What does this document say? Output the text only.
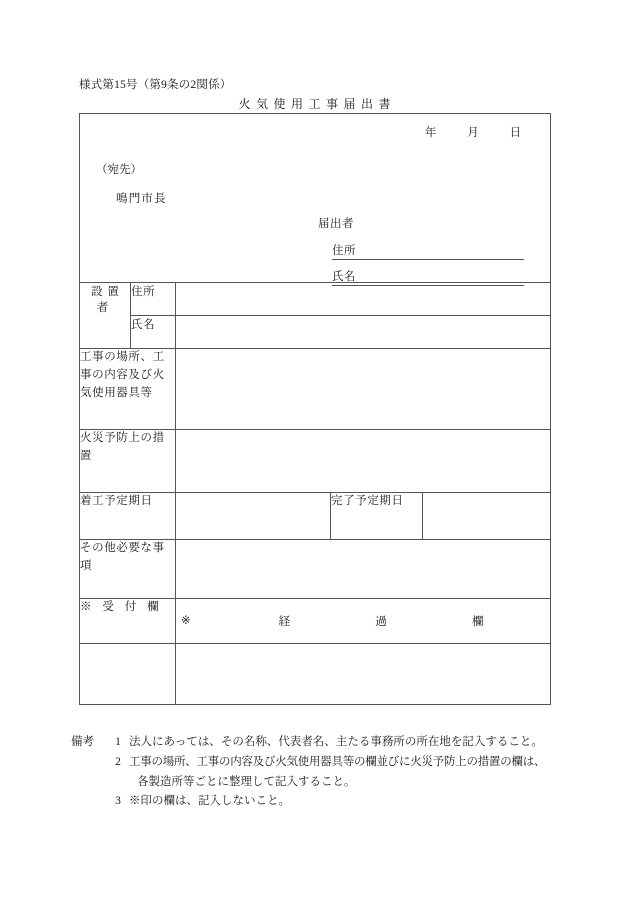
様式第15号（第9条の2関係）
火気使用工事届出書
年	月	日
（宛先）
鳴門市長
届出者
住所
氏名

設置者	住所			
	氏名			
工事の場所、工事の内容及び火気使用器具等				
火災予防上の措置				
着工予定期日			完了予定期日	
その他必要な事項				
※ 受 付 欄		※ 経 過 欄		

備考	1 法人にあっては、その名称、代表者名、主たる事務所の所在地を記入すること。
2 工事の場所、工事の内容及び火気使用器具等の欄並びに火災予防上の措置の欄は、
各製造所等ごとに整理して記入すること。
3 ※印の欄は、記入しないこと。
